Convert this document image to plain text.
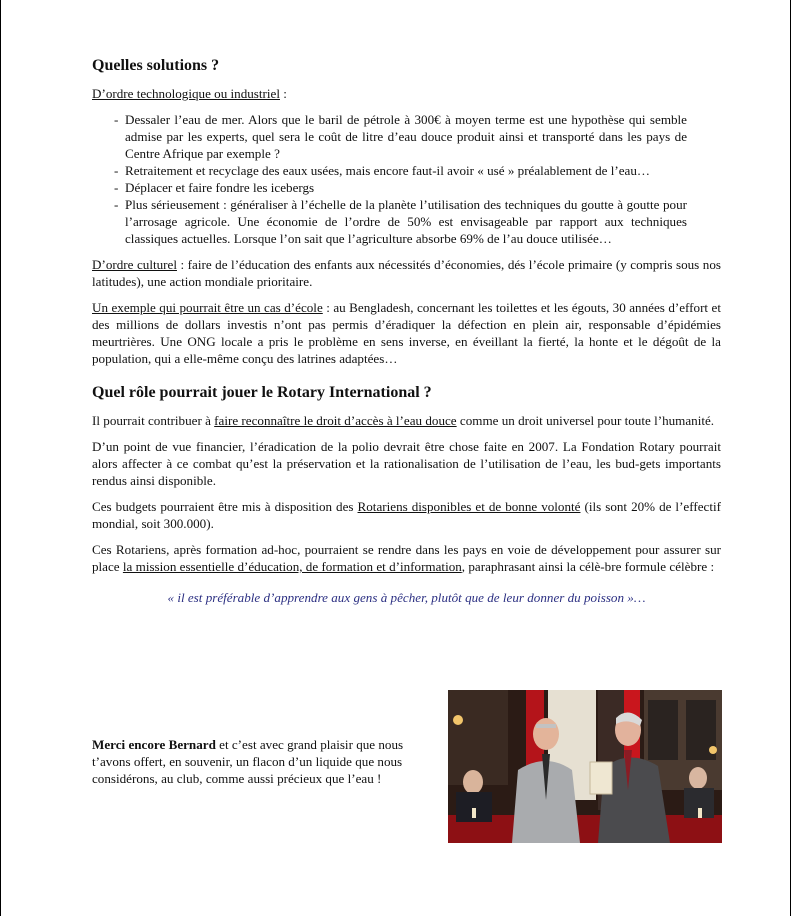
Quelles solutions ?

D’ordre technologique ou industriel :

- Dessaler l’eau de mer. Alors que le baril de pétrole à 300€ à moyen terme est une hypothèse qui semble admise par les experts, quel sera le coût de litre d’eau douce produit ainsi et transporté dans les pays de Centre Afrique par exemple ?
- Retraitement et recyclage des eaux usées, mais encore faut-il avoir « usé » préalablement de l’eau…
- Déplacer et faire fondre les icebergs
- Plus sérieusement : généraliser à l’échelle de la planète l’utilisation des techniques du goutte à goutte pour l’arrosage agricole. Une économie de l’ordre de 50% est envisageable par rapport aux techniques classiques actuelles. Lorsque l’on sait que l’agriculture absorbe 69% de l’au douce utilisée…

D’ordre culturel : faire de l’éducation des enfants aux nécessités d’économies, dés l’école primaire (y compris sous nos latitudes), une action mondiale prioritaire.

Un exemple qui pourrait être un cas d’école : au Bengladesh, concernant les toilettes et les égouts, 30 années d’effort et des millions de dollars investis n’ont pas permis d’éradiquer la défection en plein air, responsable d’épidémies meurtrières. Une ONG locale a pris le problème en sens inverse, en éveillant la fierté, la honte et le dégoût de la population, qui a elle-même conçu des latrines adaptées…

Quel rôle pourrait jouer le Rotary International ?

Il pourrait contribuer à faire reconnaître le droit d’accès à l’eau douce comme un droit universel pour toute l’humanité.

D’un point de vue financier, l’éradication de la polio devrait être chose faite en 2007. La Fondation Rotary pourrait alors affecter à ce combat qu’est la préservation et la rationalisation de l’utilisation de l’eau, les bud-gets importants rendus ainsi disponible.

Ces budgets pourraient être mis à disposition des Rotariens disponibles et de bonne volonté (ils sont 20% de l’effectif mondial, soit 300.000).

Ces Rotariens, après formation ad-hoc, pourraient se rendre dans les pays en voie de développement pour assurer sur place la mission essentielle d’éducation, de formation et d’information, paraphrasant ainsi la célè-bre formule célèbre :

« il est préférable d’apprendre aux gens à pêcher, plutôt que de leur donner du poisson »…

Merci encore Bernard et c’est avec grand plaisir que nous t’avons offert, en souvenir, un flacon d’un liquide que nous considérons, au club, comme aussi précieux que l’eau !
